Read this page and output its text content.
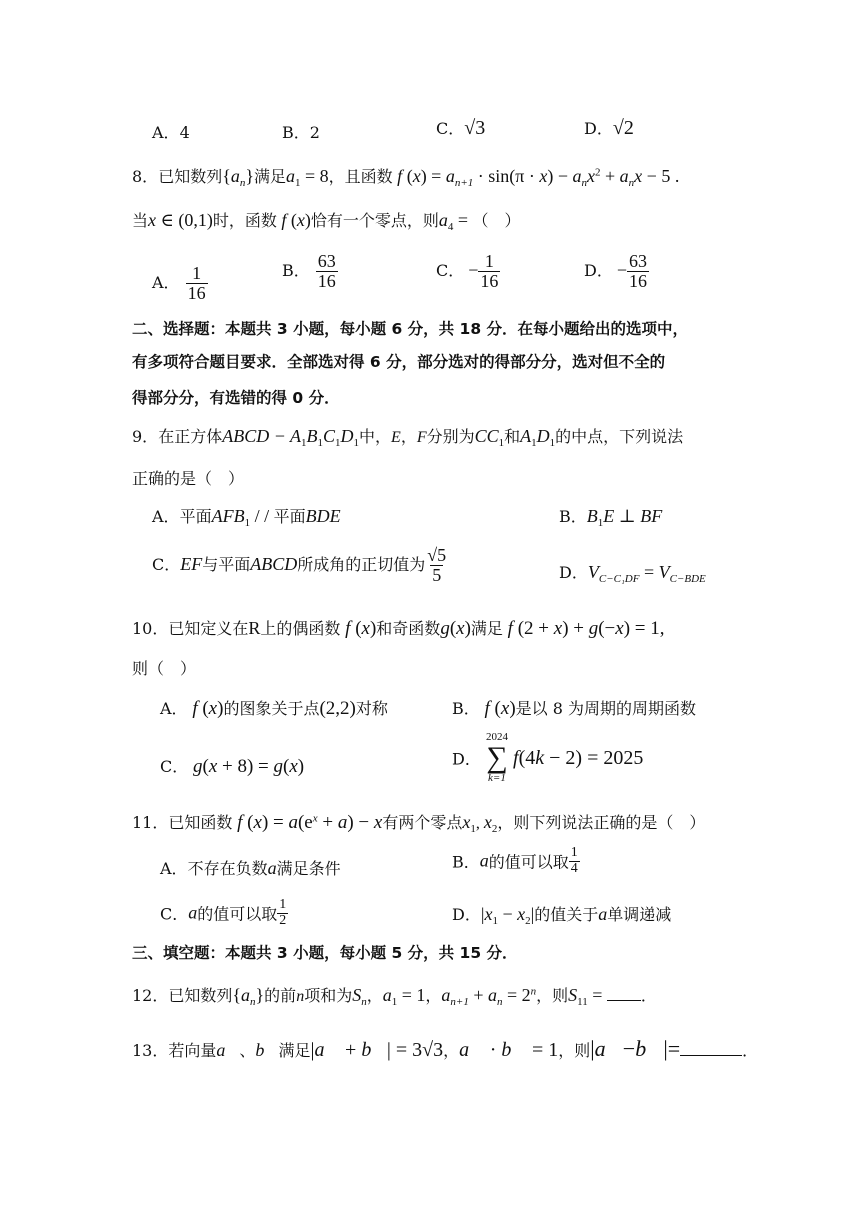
A．4	B．2	C．√3	D．√2
8．已知数列$\{a_n\}$满足$a_1 = 8$，且函数 f $(x) = a_{n+1} \cdot \sin(\pi \cdot x) - a_nx^2 + a_nx - 5$ .
当x ∈ (0,1)时，函数 f (x)恰有一个零点，则$a_4$ = （　）
A． $\frac{1}{16}$	B． $\frac{63}{16}$	C． − $\frac{1}{16}$	D． − $\frac{63}{16}$
二、选择题：本题共 3 小题，每小题 6 分，共 18 分．在每小题给出的选项中，
有多项符合题目要求．全部选对得 6 分，部分选对的得部分分，选对但不全的
得部分分，有选错的得 0 分．
9．在正方体ABCD − $A_1B_1C_1D_1$中，E，F分别为$CC_1$和$A_1D_1$的中点，下列说法
正确的是（　）
A．平面$AFB_1$ / / 平面BDE	B．$B_1E$ ⊥ BF
C．EF与平面ABCD所成角的正切值为 $\frac{√5}{5}$	D．$V_{C-C_1DF} = V_{C-BDE}$
10．已知定义在R上的偶函数 f (x)和奇函数g(x)满足 f (2 + x) + g(−x) = 1,
则（　）
A． f (x)的图象关于点(2,2)对称	B． f (x)是以 8 为周期的周期函数
C． g(x + 8) = g(x)	D．
2024
∑
k=1
f(4k − 2) = 2025
11．已知函数 f $(x) = a(e^x + a) - x$有两个零点$x_1$, $x_2$，则下列说法正确的是（　）
A．不存在负数a满足条件	B．a的值可以取 $\frac{1}{4}$
C．a的值可以取 $\frac{1}{2}$	D．$|x_1 - x_2|$的值关于a单调递减
三、填空题：本题共 3 小题，每小题 5 分，共 15 分．
12．已知数列$\{a_n\}$的前n项和为$S_n$，$a_1 = 1$，$a_{n+1} + a_n = 2^n$，则$S_{11}$ = ．
13．若向量a⃗、b⃗满足|a⃗ + b⃗| = 3√3，a⃗ · b⃗ = 1，则|a⃗−b⃗|=	．
